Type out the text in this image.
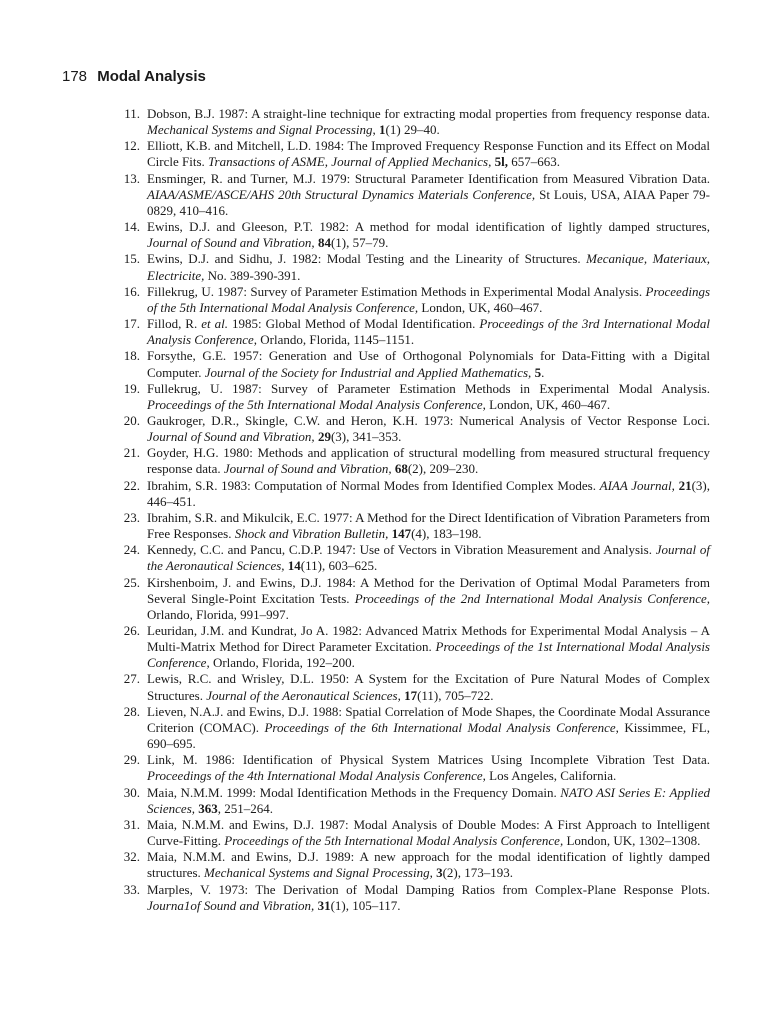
178 Modal Analysis
11. Dobson, B.J. 1987: A straight-line technique for extracting modal properties from frequency response data. Mechanical Systems and Signal Processing, 1(1) 29–40.
12. Elliott, K.B. and Mitchell, L.D. 1984: The Improved Frequency Response Function and its Effect on Modal Circle Fits. Transactions of ASME, Journal of Applied Mechanics, 5l, 657–663.
13. Ensminger, R. and Turner, M.J. 1979: Structural Parameter Identification from Measured Vibration Data. AIAA/ASME/ASCE/AHS 20th Structural Dynamics Materials Conference, St Louis, USA, AIAA Paper 79-0829, 410–416.
14. Ewins, D.J. and Gleeson, P.T. 1982: A method for modal identification of lightly damped structures, Journal of Sound and Vibration, 84(1), 57–79.
15. Ewins, D.J. and Sidhu, J. 1982: Modal Testing and the Linearity of Structures. Mecanique, Materiaux, Electricite, No. 389-390-391.
16. Fillekrug, U. 1987: Survey of Parameter Estimation Methods in Experimental Modal Analysis. Proceedings of the 5th International Modal Analysis Conference, London, UK, 460–467.
17. Fillod, R. et al. 1985: Global Method of Modal Identification. Proceedings of the 3rd International Modal Analysis Conference, Orlando, Florida, 1145–1151.
18. Forsythe, G.E. 1957: Generation and Use of Orthogonal Polynomials for Data-Fitting with a Digital Computer. Journal of the Society for Industrial and Applied Mathematics, 5.
19. Fullekrug, U. 1987: Survey of Parameter Estimation Methods in Experimental Modal Analysis. Proceedings of the 5th International Modal Analysis Conference, London, UK, 460–467.
20. Gaukroger, D.R., Skingle, C.W. and Heron, K.H. 1973: Numerical Analysis of Vector Response Loci. Journal of Sound and Vibration, 29(3), 341–353.
21. Goyder, H.G. 1980: Methods and application of structural modelling from measured structural frequency response data. Journal of Sound and Vibration, 68(2), 209–230.
22. Ibrahim, S.R. 1983: Computation of Normal Modes from Identified Complex Modes. AIAA Journal, 21(3), 446–451.
23. Ibrahim, S.R. and Mikulcik, E.C. 1977: A Method for the Direct Identification of Vibration Parameters from Free Responses. Shock and Vibration Bulletin, 147(4), 183–198.
24. Kennedy, C.C. and Pancu, C.D.P. 1947: Use of Vectors in Vibration Measurement and Analysis. Journal of the Aeronautical Sciences, 14(11), 603–625.
25. Kirshenboim, J. and Ewins, D.J. 1984: A Method for the Derivation of Optimal Modal Parameters from Several Single-Point Excitation Tests. Proceedings of the 2nd International Modal Analysis Conference, Orlando, Florida, 991–997.
26. Leuridan, J.M. and Kundrat, Jo A. 1982: Advanced Matrix Methods for Experimental Modal Analysis – A Multi-Matrix Method for Direct Parameter Excitation. Proceedings of the 1st International Modal Analysis Conference, Orlando, Florida, 192–200.
27. Lewis, R.C. and Wrisley, D.L. 1950: A System for the Excitation of Pure Natural Modes of Complex Structures. Journal of the Aeronautical Sciences, 17(11), 705–722.
28. Lieven, N.A.J. and Ewins, D.J. 1988: Spatial Correlation of Mode Shapes, the Coordinate Modal Assurance Criterion (COMAC). Proceedings of the 6th International Modal Analysis Conference, Kissimmee, FL, 690–695.
29. Link, M. 1986: Identification of Physical System Matrices Using Incomplete Vibration Test Data. Proceedings of the 4th International Modal Analysis Conference, Los Angeles, California.
30. Maia, N.M.M. 1999: Modal Identification Methods in the Frequency Domain. NATO ASI Series E: Applied Sciences, 363, 251–264.
31. Maia, N.M.M. and Ewins, D.J. 1987: Modal Analysis of Double Modes: A First Approach to Intelligent Curve-Fitting. Proceedings of the 5th International Modal Analysis Conference, London, UK, 1302–1308.
32. Maia, N.M.M. and Ewins, D.J. 1989: A new approach for the modal identification of lightly damped structures. Mechanical Systems and Signal Processing, 3(2), 173–193.
33. Marples, V. 1973: The Derivation of Modal Damping Ratios from Complex-Plane Response Plots. Journa1of Sound and Vibration, 31(1), 105–117.
